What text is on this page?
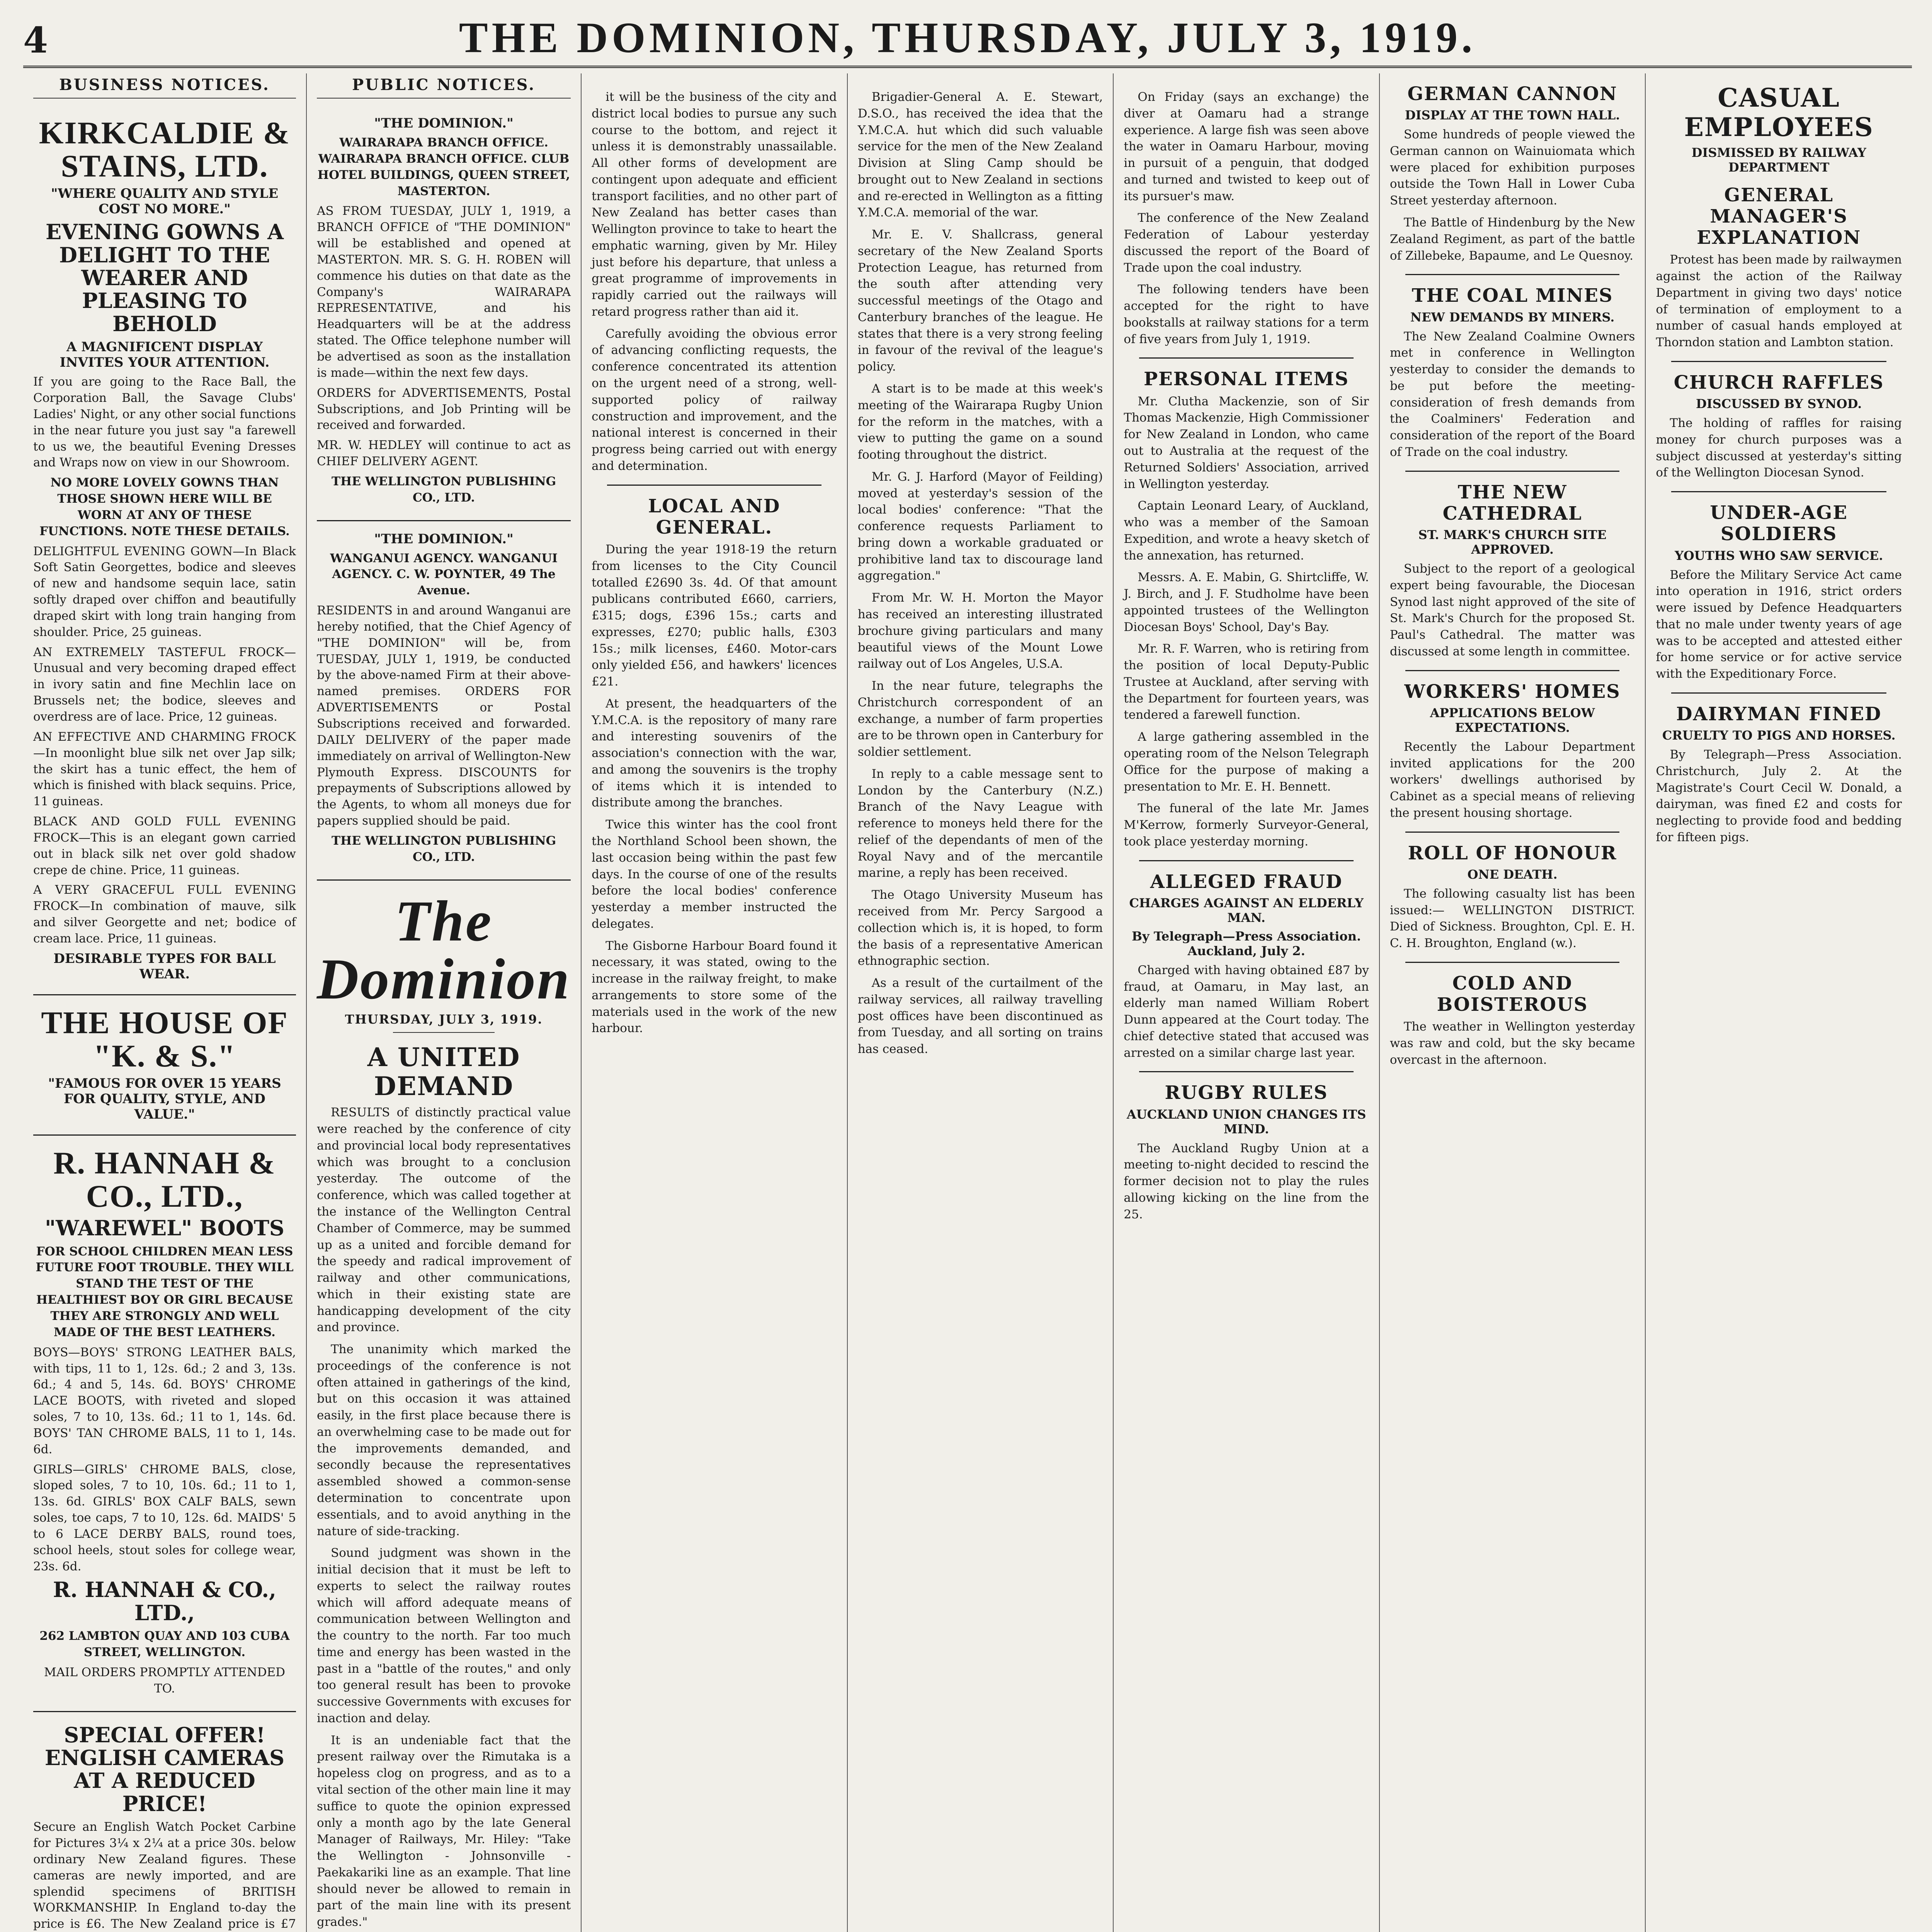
4	THE DOMINION, THURSDAY, JULY 3, 1919.
BUSINESS NOTICES.
KIRKCALDIE & STAINS, LTD.
"WHERE QUALITY AND STYLE COST NO MORE."
EVENING GOWNS A DELIGHT TO THE WEARER AND PLEASING TO BEHOLD
A MAGNIFICENT DISPLAY INVITES YOUR ATTENTION.

If you are going to the Race Ball, the Corporation Ball, the Savage Clubs' Ladies' Night, or any other social functions in the near future you just say "a farewell to us we, the beautiful Evening Dresses and Wraps now on view in our Showroom.

NO MORE LOVELY GOWNS THAN THOSE SHOWN HERE WILL BE WORN AT ANY OF THESE FUNCTIONS. NOTE THESE DETAILS.

DELIGHTFUL EVENING GOWN—In Black Soft Satin Georgettes, bodice and sleeves of new and handsome sequin lace, satin softly draped over chiffon and beautifully draped skirt with long train hanging from shoulder. Price, 25 guineas.

AN EXTREMELY TASTEFUL FROCK—Unusual and very becoming draped effect in ivory satin and fine Mechlin lace on Brussels net; the bodice, sleeves and overdress are of lace. Price, 12 guineas.

AN EFFECTIVE AND CHARMING FROCK—In moonlight blue silk net over Jap silk; the skirt has a tunic effect, the hem of which is finished with black sequins. Price, 11 guineas.

BLACK AND GOLD FULL EVENING FROCK—This is an elegant gown carried out in black silk net over gold shadow crepe de chine. Price, 11 guineas.

A VERY GRACEFUL FULL EVENING FROCK—In combination of mauve, silk and silver Georgette and net; bodice of cream lace. Price, 11 guineas.

DESIRABLE TYPES FOR BALL WEAR.
THE HOUSE OF "K. & S."
"FAMOUS FOR OVER 15 YEARS FOR QUALITY, STYLE, AND VALUE."
R. HANNAH & CO., LTD.,
"WAREWEL" BOOTS

FOR SCHOOL CHILDREN MEAN LESS FUTURE FOOT TROUBLE. THEY WILL STAND THE TEST OF THE HEALTHIEST BOY OR GIRL BECAUSE THEY ARE STRONGLY AND WELL MADE OF THE BEST LEATHERS.

BOYS—BOYS' STRONG LEATHER BALS, with tips, 11 to 1, 12s. 6d.; 2 and 3, 13s. 6d.; 4 and 5, 14s. 6d. BOYS' CHROME LACE BOOTS, with riveted and sloped soles, 7 to 10, 13s. 6d.; 11 to 1, 14s. 6d. BOYS' TAN CHROME BALS, 11 to 1, 14s. 6d.

GIRLS—GIRLS' CHROME BALS, close, sloped soles, 7 to 10, 10s. 6d.; 11 to 1, 13s. 6d. GIRLS' BOX CALF BALS, sewn soles, toe caps, 7 to 10, 12s. 6d. MAIDS' 5 to 6 LACE DERBY BALS, round toes, school heels, stout soles for college wear, 23s. 6d.

R. HANNAH & CO., LTD.,

262 LAMBTON QUAY AND 103 CUBA STREET, WELLINGTON.

MAIL ORDERS PROMPTLY ATTENDED TO.

SPECIAL OFFER! ENGLISH CAMERAS AT A REDUCED PRICE!

Secure an English Watch Pocket Carbine for Pictures 3¼ x 2¼ at a price 30s. below ordinary New Zealand figures. These cameras are newly imported, and are splendid specimens of BRITISH WORKMANSHIP. In England to-day the price is £6. The New Zealand price is £7

PUBLIC NOTICES.
"THE DOMINION."

WAIRARAPA BRANCH OFFICE. WAIRARAPA BRANCH OFFICE. CLUB HOTEL BUILDINGS, QUEEN STREET, MASTERTON.

AS FROM TUESDAY, JULY 1, 1919, a BRANCH OFFICE of "THE DOMINION" will be established and opened at MASTERTON. MR. S. G. H. ROBEN will commence his duties on that date as the Company's WAIRARAPA REPRESENTATIVE, and his Headquarters will be at the address stated. The Office telephone number will be advertised as soon as the installation is made—within the next few days.

ORDERS for ADVERTISEMENTS, Postal Subscriptions, and Job Printing will be received and forwarded.

MR. W. HEDLEY will continue to act as CHIEF DELIVERY AGENT.

THE WELLINGTON PUBLISHING CO., LTD.

"THE DOMINION."

WANGANUI AGENCY. WANGANUI AGENCY. C. W. POYNTER, 49 The Avenue.

RESIDENTS in and around Wanganui are hereby notified, that the Chief Agency of "THE DOMINION" will be, from TUESDAY, JULY 1, 1919, be conducted by the above-named Firm at their above-named premises. ORDERS FOR ADVERTISEMENTS or Postal Subscriptions received and forwarded. DAILY DELIVERY of the paper made immediately on arrival of Wellington-New Plymouth Express. DISCOUNTS for prepayments of Subscriptions allowed by the Agents, to whom all moneys due for papers supplied should be paid.

THE WELLINGTON PUBLISHING CO., LTD.

The Dominion
THURSDAY, JULY 3, 1919.
A UNITED DEMAND

RESULTS of distinctly practical value were reached by the conference of city and provincial local body representatives which was brought to a conclusion yesterday. The outcome of the conference, which was called together at the instance of the Wellington Central Chamber of Commerce, may be summed up as a united and forcible demand for the speedy and radical improvement of railway and other communications, which in their existing state are handicapping development of the city and province.

The unanimity which marked the proceedings of the conference is not often attained in gatherings of the kind, but on this occasion it was attained easily, in the first place because there is an overwhelming case to be made out for the improvements demanded, and secondly because the representatives assembled showed a common-sense determination to concentrate upon essentials, and to avoid anything in the nature of side-tracking.

Sound judgment was shown in the initial decision that it must be left to experts to select the railway routes which will afford adequate means of communication between Wellington and the country to the north. Far too much time and energy has been wasted in the past in a "battle of the routes," and only too general result has been to provoke successive Governments with excuses for inaction and delay.

It is an undeniable fact that the present railway over the Rimutaka is a hopeless clog on progress, and as to a vital section of the other main line it may suffice to quote the opinion expressed only a month ago by the late General Manager of Railways, Mr. Hiley: "Take the Wellington - Johnsonville - Paekakariki line as an example. That line should never be allowed to remain in part of the main line with its present grades."

it will be the business of the city and district local bodies to pursue any such course to the bottom, and reject it unless it is demonstrably unassailable. All other forms of development are contingent upon adequate and efficient transport facilities, and no other part of New Zealand has better cases than Wellington province to take to heart the emphatic warning, given by Mr. Hiley just before his departure, that unless a great programme of improvements in rapidly carried out the railways will retard progress rather than aid it.

Carefully avoiding the obvious error of advancing conflicting requests, the conference concentrated its attention on the urgent need of a strong, well-supported policy of railway construction and improvement, and the national interest is concerned in their progress being carried out with energy and determination.

LOCAL AND GENERAL.

During the year 1918-19 the return from licenses to the City Council totalled £2690 3s. 4d. Of that amount publicans contributed £660, carriers, £315; dogs, £396 15s.; carts and expresses, £270; public halls, £303 15s.; milk licenses, £460. Motor-cars only yielded £56, and hawkers' licences £21.

At present, the headquarters of the Y.M.C.A. is the repository of many rare and interesting souvenirs of the association's connection with the war, and among the souvenirs is the trophy of items which it is intended to distribute among the branches.

Twice this winter has the cool front the Northland School been shown, the last occasion being within the past few days. In the course of one of the results before the local bodies' conference yesterday a member instructed the delegates.

The Gisborne Harbour Board found it necessary, it was stated, owing to the increase in the railway freight, to make arrangements to store some of the materials used in the work of the new harbour.

Brigadier-General A. E. Stewart, D.S.O., has received the idea that the Y.M.C.A. hut which did such valuable service for the men of the New Zealand Division at Sling Camp should be brought out to New Zealand in sections and re-erected in Wellington as a fitting Y.M.C.A. memorial of the war.

Mr. E. V. Shallcrass, general secretary of the New Zealand Sports Protection League, has returned from the south after attending very successful meetings of the Otago and Canterbury branches of the league. He states that there is a very strong feeling in favour of the revival of the league's policy.

A start is to be made at this week's meeting of the Wairarapa Rugby Union for the reform in the matches, with a view to putting the game on a sound footing throughout the district.

Mr. G. J. Harford (Mayor of Feilding) moved at yesterday's session of the local bodies' conference: "That the conference requests Parliament to bring down a workable graduated or prohibitive land tax to discourage land aggregation."

From Mr. W. H. Morton the Mayor has received an interesting illustrated brochure giving particulars and many beautiful views of the Mount Lowe railway out of Los Angeles, U.S.A.

In the near future, telegraphs the Christchurch correspondent of an exchange, a number of farm properties are to be thrown open in Canterbury for soldier settlement.

In reply to a cable message sent to London by the Canterbury (N.Z.) Branch of the Navy League with reference to moneys held there for the relief of the dependants of men of the Royal Navy and of the mercantile marine, a reply has been received.

The Otago University Museum has received from Mr. Percy Sargood a collection which is, it is hoped, to form the basis of a representative American ethnographic section.

As a result of the curtailment of the railway services, all railway travelling post offices have been discontinued as from Tuesday, and all sorting on trains has ceased.

On Friday (says an exchange) the diver at Oamaru had a strange experience. A large fish was seen above the water in Oamaru Harbour, moving in pursuit of a penguin, that dodged and turned and twisted to keep out of its pursuer's maw.

The conference of the New Zealand Federation of Labour yesterday discussed the report of the Board of Trade upon the coal industry.

The following tenders have been accepted for the right to have bookstalls at railway stations for a term of five years from July 1, 1919.

PERSONAL ITEMS

Mr. Clutha Mackenzie, son of Sir Thomas Mackenzie, High Commissioner for New Zealand in London, who came out to Australia at the request of the Returned Soldiers' Association, arrived in Wellington yesterday.

Captain Leonard Leary, of Auckland, who was a member of the Samoan Expedition, and wrote a heavy sketch of the annexation, has returned.

Messrs. A. E. Mabin, G. Shirtcliffe, W. J. Birch, and J. F. Studholme have been appointed trustees of the Wellington Diocesan Boys' School, Day's Bay.

Mr. R. F. Warren, who is retiring from the position of local Deputy-Public Trustee at Auckland, after serving with the Department for fourteen years, was tendered a farewell function.

A large gathering assembled in the operating room of the Nelson Telegraph Office for the purpose of making a presentation to Mr. E. H. Bennett.

The funeral of the late Mr. James M'Kerrow, formerly Surveyor-General, took place yesterday morning.

ALLEGED FRAUD
CHARGES AGAINST AN ELDERLY MAN.
By Telegraph—Press Association. Auckland, July 2.

Charged with having obtained £87 by fraud, at Oamaru, in May last, an elderly man named William Robert Dunn appeared at the Court today. The chief detective stated that accused was arrested on a similar charge last year.

RUGBY RULES
AUCKLAND UNION CHANGES ITS MIND.

The Auckland Rugby Union at a meeting to-night decided to rescind the former decision not to play the rules allowing kicking on the line from the 25.

GERMAN CANNON
DISPLAY AT THE TOWN HALL.

Some hundreds of people viewed the German cannon on Wainuiomata which were placed for exhibition purposes outside the Town Hall in Lower Cuba Street yesterday afternoon.

The Battle of Hindenburg by the New Zealand Regiment, as part of the battle of Zillebeke, Bapaume, and Le Quesnoy.

THE COAL MINES
NEW DEMANDS BY MINERS.

The New Zealand Coalmine Owners met in conference in Wellington yesterday to consider the demands to be put before the meeting-consideration of fresh demands from the Coalminers' Federation and consideration of the report of the Board of Trade on the coal industry.

THE NEW CATHEDRAL
ST. MARK'S CHURCH SITE APPROVED.

Subject to the report of a geological expert being favourable, the Diocesan Synod last night approved of the site of St. Mark's Church for the proposed St. Paul's Cathedral. The matter was discussed at some length in committee.

WORKERS' HOMES
APPLICATIONS BELOW EXPECTATIONS.

Recently the Labour Department invited applications for the 200 workers' dwellings authorised by Cabinet as a special means of relieving the present housing shortage.

ROLL OF HONOUR
ONE DEATH.

The following casualty list has been issued:— WELLINGTON DISTRICT. Died of Sickness. Broughton, Cpl. E. H. C. H. Broughton, England (w.).

COLD AND BOISTEROUS

The weather in Wellington yesterday was raw and cold, but the sky became overcast in the afternoon.

CASUAL EMPLOYEES
DISMISSED BY RAILWAY DEPARTMENT
GENERAL MANAGER'S EXPLANATION

Protest has been made by railwaymen against the action of the Railway Department in giving two days' notice of termination of employment to a number of casual hands employed at Thorndon station and Lambton station.

CHURCH RAFFLES
DISCUSSED BY SYNOD.

The holding of raffles for raising money for church purposes was a subject discussed at yesterday's sitting of the Wellington Diocesan Synod.

UNDER-AGE SOLDIERS
YOUTHS WHO SAW SERVICE.

Before the Military Service Act came into operation in 1916, strict orders were issued by Defence Headquarters that no male under twenty years of age was to be accepted and attested either for home service or for active service with the Expeditionary Force.

DAIRYMAN FINED
CRUELTY TO PIGS AND HORSES.

By Telegraph—Press Association. Christchurch, July 2. At the Magistrate's Court Cecil W. Donald, a dairyman, was fined £2 and costs for neglecting to provide food and bedding for fifteen pigs.
